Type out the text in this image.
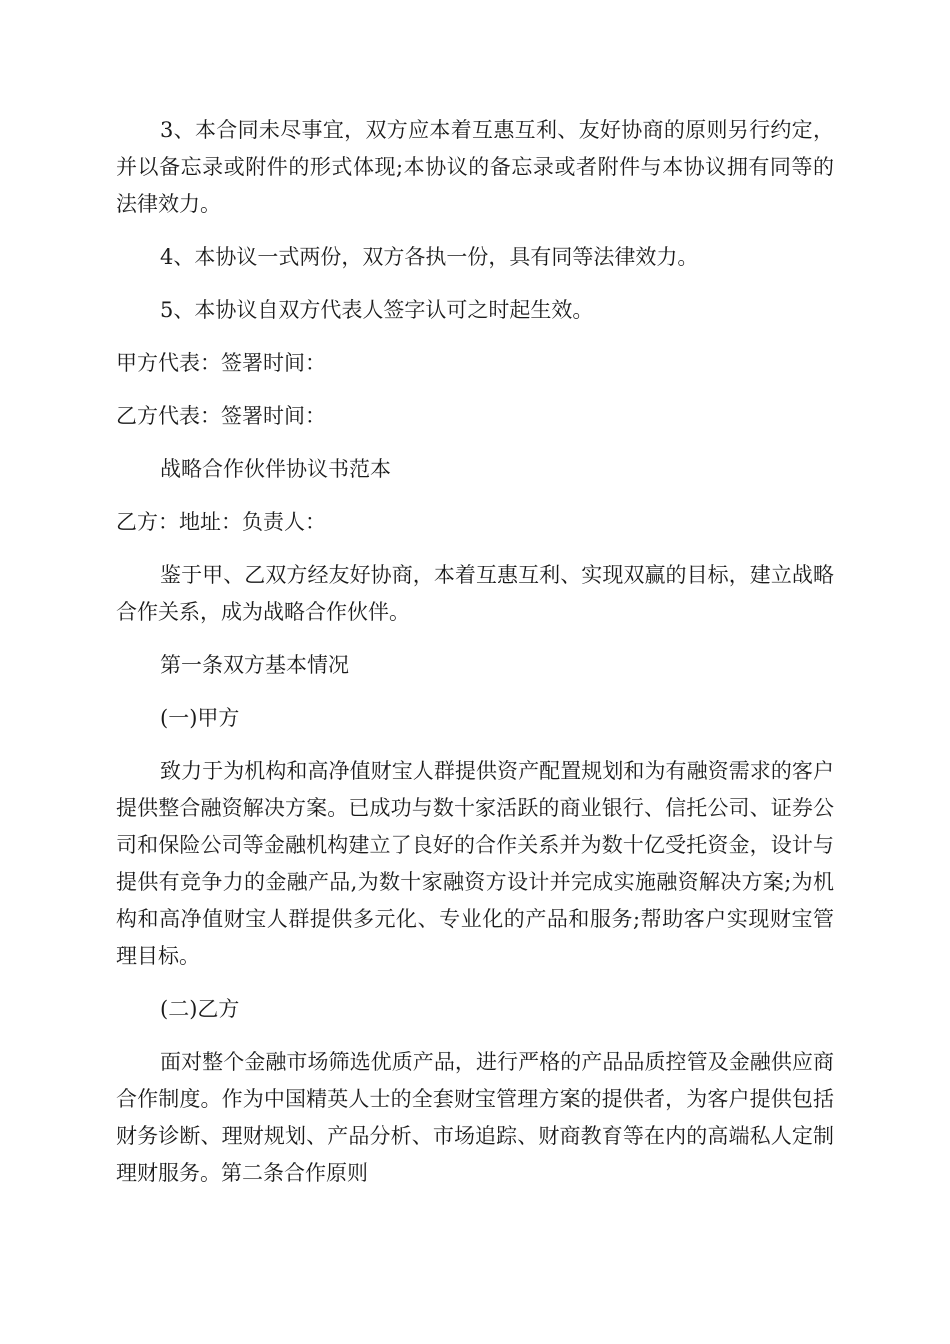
3、本合同未尽事宜，双方应本着互惠互利、友好协商的原则另行约定，并以备忘录或附件的形式体现;本协议的备忘录或者附件与本协议拥有同等的法律效力。

4、本协议一式两份，双方各执一份，具有同等法律效力。

5、本协议自双方代表人签字认可之时起生效。

甲方代表：签署时间：

乙方代表：签署时间：

战略合作伙伴协议书范本

乙方：地址：负责人：

鉴于甲、乙双方经友好协商，本着互惠互利、实现双赢的目标，建立战略合作关系，成为战略合作伙伴。

第一条双方基本情况

(一)甲方

致力于为机构和高净值财宝人群提供资产配置规划和为有融资需求的客户提供整合融资解决方案。已成功与数十家活跃的商业银行、信托公司、证券公司和保险公司等金融机构建立了良好的合作关系并为数十亿受托资金，设计与提供有竞争力的金融产品,为数十家融资方设计并完成实施融资解决方案;为机构和高净值财宝人群提供多元化、专业化的产品和服务;帮助客户实现财宝管理目标。

(二)乙方

面对整个金融市场筛选优质产品，进行严格的产品品质控管及金融供应商合作制度。作为中国精英人士的全套财宝管理方案的提供者，为客户提供包括财务诊断、理财规划、产品分析、市场追踪、财商教育等在内的高端私人定制理财服务。第二条合作原则
